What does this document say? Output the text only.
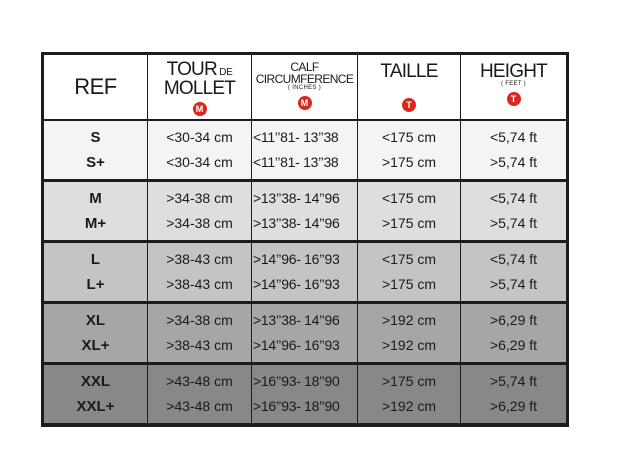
REF
TOUR DE
MOLLET
M
CALF
CIRCUMFERENCE
( INCHES )
M
TAILLE
T
HEIGHT
( FEET )
T
S
S+
<30-34 cm
<30-34 cm
<11’’81- 13’’38
<11’’81- 13’’38
<175 cm
>175 cm
<5,74 ft
>5,74 ft
M
M+
>34-38 cm
>34-38 cm
>13’’38- 14’’96
>13’’38- 14’’96
<175 cm
>175 cm
<5,74 ft
>5,74 ft
L
L+
>38-43 cm
>38-43 cm
>14’’96- 16’’93
>14’’96- 16’’93
<175 cm
>175 cm
<5,74 ft
>5,74 ft
XL
XL+
>34-38 cm
>38-43 cm
>13’’38- 14’’96
>14’’96- 16’’93
>192 cm
>192 cm
>6,29 ft
>6,29 ft
XXL
XXL+
>43-48 cm
>43-48 cm
>16’’93- 18’’90
>16’’93- 18’’90
>175 cm
>192 cm
>5,74 ft
>6,29 ft
